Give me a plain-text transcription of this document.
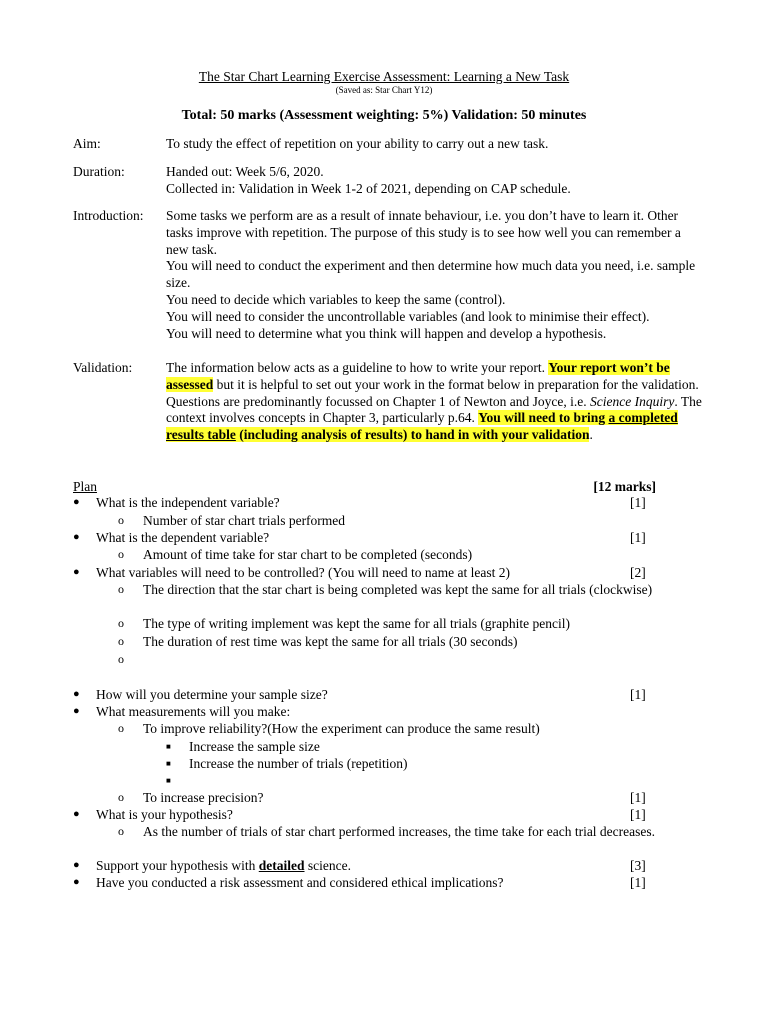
The Star Chart Learning Exercise Assessment: Learning a New Task
(Saved as: Star Chart Y12)
Total: 50 marks (Assessment weighting: 5%) Validation: 50 minutes
Aim:	To study the effect of repetition on your ability to carry out a new task.
Duration:	Handed out: Week 5/6, 2020.
Collected in: Validation in Week 1-2 of 2021, depending on CAP schedule.
Introduction:	Some tasks we perform are as a result of innate behaviour, i.e. you don’t have to learn it. Other tasks improve with repetition. The purpose of this study is to see how well you can remember a new task.
You will need to conduct the experiment and then determine how much data you need, i.e. sample size.
You need to decide which variables to keep the same (control).
You will need to consider the uncontrollable variables (and look to minimise their effect).
You will need to determine what you think will happen and develop a hypothesis.
Validation:	The information below acts as a guideline to how to write your report. Your report won’t be assessed but it is helpful to set out your work in the format below in preparation for the validation. Questions are predominantly focussed on Chapter 1 of Newton and Joyce, i.e. Science Inquiry. The context involves concepts in Chapter 3, particularly p.64. You will need to bring a completed results table (including analysis of results) to hand in with your validation.
Plan	[12 marks]
● What is the independent variable?	[1]
o Number of star chart trials performed
● What is the dependent variable?	[1]
o Amount of time take for star chart to be completed (seconds)
● What variables will need to be controlled? (You will need to name at least 2)	[2]
o The direction that the star chart is being completed was kept the same for all trials (clockwise)
o The type of writing implement was kept the same for all trials (graphite pencil)
o The duration of rest time was kept the same for all trials (30 seconds)
o
● How will you determine your sample size?	[1]
● What measurements will you make:
o To improve reliability?(How the experiment can produce the same result)
■ Increase the sample size
■ Increase the number of trials (repetition)
■
o To increase precision?	[1]
● What is your hypothesis?	[1]
o As the number of trials of star chart performed increases, the time take for each trial decreases.
● Support your hypothesis with detailed science.	[3]
● Have you conducted a risk assessment and considered ethical implications?	[1]
